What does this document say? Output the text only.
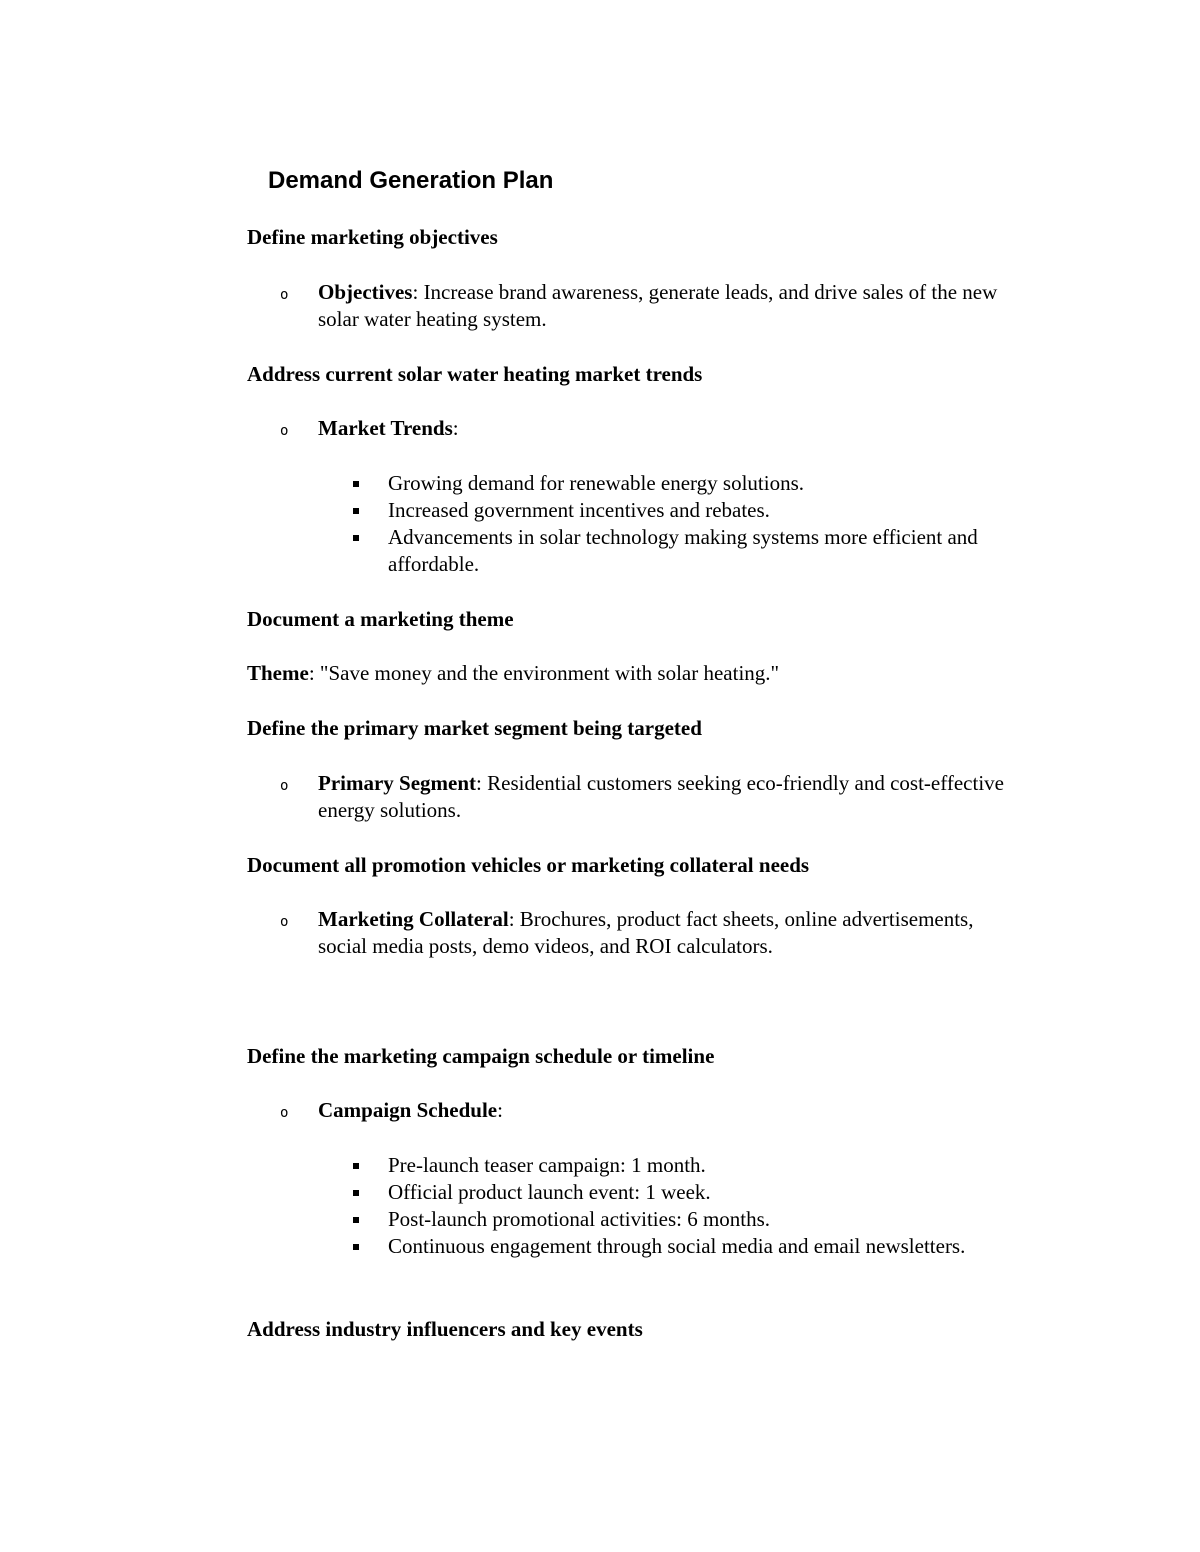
Demand Generation Plan

Define marketing objectives

o Objectives: Increase brand awareness, generate leads, and drive sales of the new solar water heating system.

Address current solar water heating market trends

o Market Trends:
Growing demand for renewable energy solutions.
Increased government incentives and rebates.
Advancements in solar technology making systems more efficient and affordable.

Document a marketing theme

Theme: "Save money and the environment with solar heating."

Define the primary market segment being targeted

o Primary Segment: Residential customers seeking eco-friendly and cost-effective energy solutions.

Document all promotion vehicles or marketing collateral needs

o Marketing Collateral: Brochures, product fact sheets, online advertisements, social media posts, demo videos, and ROI calculators.

Define the marketing campaign schedule or timeline

o Campaign Schedule:
Pre-launch teaser campaign: 1 month.
Official product launch event: 1 week.
Post-launch promotional activities: 6 months.
Continuous engagement through social media and email newsletters.

Address industry influencers and key events
